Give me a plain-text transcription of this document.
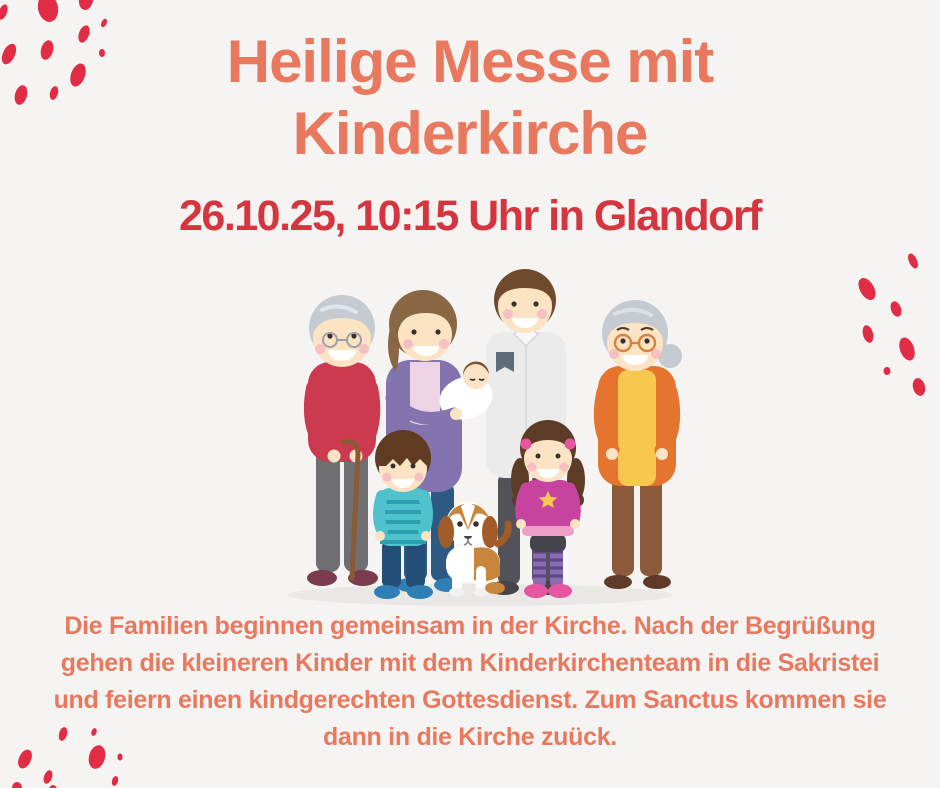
Heilige Messe mit
Kinderkirche
26.10.25, 10:15 Uhr in Glandorf
Die Familien beginnen gemeinsam in der Kirche. Nach der Begrüßung
gehen die kleineren Kinder mit dem Kinderkirchenteam in die Sakristei
und feiern einen kindgerechten Gottesdienst. Zum Sanctus kommen sie
dann in die Kirche zuück.
